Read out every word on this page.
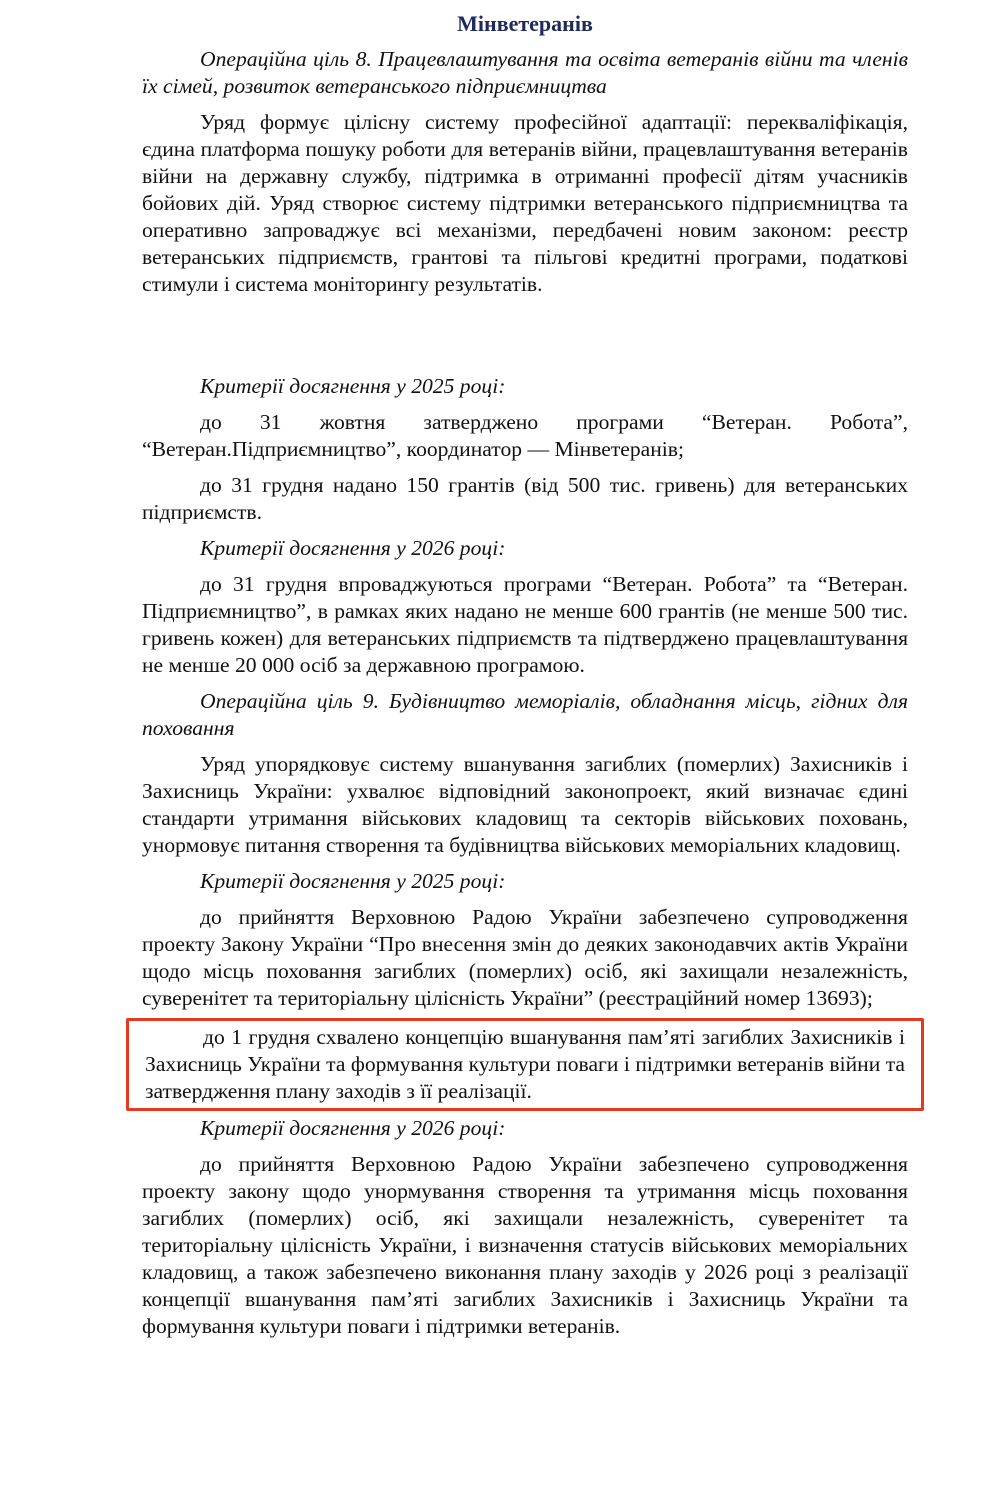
Мінветеранів

Операційна ціль 8. Працевлаштування та освіта ветеранів війни та членів їх сімей, розвиток ветеранського підприємництва

Уряд формує цілісну систему професійної адаптації: перекваліфікація, єдина платформа пошуку роботи для ветеранів війни, працевлаштування ветеранів війни на державну службу, підтримка в отриманні професії дітям учасників бойових дій. Уряд створює систему підтримки ветеранського підприємництва та оперативно запроваджує всі механізми, передбачені новим законом: реєстр ветеранських підприємств, грантові та пільгові кредитні програми, податкові стимули і система моніторингу результатів.

Критерії досягнення у 2025 році:

до 31 жовтня затверджено програми “Ветеран. Робота”, “Ветеран.Підприємництво”, координатор — Мінветеранів;

до 31 грудня надано 150 грантів (від 500 тис. гривень) для ветеранських підприємств.

Критерії досягнення у 2026 році:

до 31 грудня впроваджуються програми “Ветеран. Робота” та “Ветеран. Підприємництво”, в рамках яких надано не менше 600 грантів (не менше 500 тис. гривень кожен) для ветеранських підприємств та підтверджено працевлаштування не менше 20 000 осіб за державною програмою.

Операційна ціль 9. Будівництво меморіалів, обладнання місць, гідних для поховання

Уряд упорядковує систему вшанування загиблих (померлих) Захисників і Захисниць України: ухвалює відповідний законопроект, який визначає єдині стандарти утримання військових кладовищ та секторів військових поховань, унормовує питання створення та будівництва військових меморіальних кладовищ.

Критерії досягнення у 2025 році:

до прийняття Верховною Радою України забезпечено супроводження проекту Закону України “Про внесення змін до деяких законодавчих актів України щодо місць поховання загиблих (померлих) осіб, які захищали незалежність, суверенітет та територіальну цілісність України” (реєстраційний номер 13693);

до 1 грудня схвалено концепцію вшанування пам’яті загиблих Захисників і Захисниць України та формування культури поваги і підтримки ветеранів війни та затвердження плану заходів з її реалізації.

Критерії досягнення у 2026 році:

до прийняття Верховною Радою України забезпечено супроводження проекту закону щодо унормування створення та утримання місць поховання загиблих (померлих) осіб, які захищали незалежність, суверенітет та територіальну цілісність України, і визначення статусів військових меморіальних кладовищ, а також забезпечено виконання плану заходів у 2026 році з реалізації концепції вшанування пам’яті загиблих Захисників і Захисниць України та формування культури поваги і підтримки ветеранів.
